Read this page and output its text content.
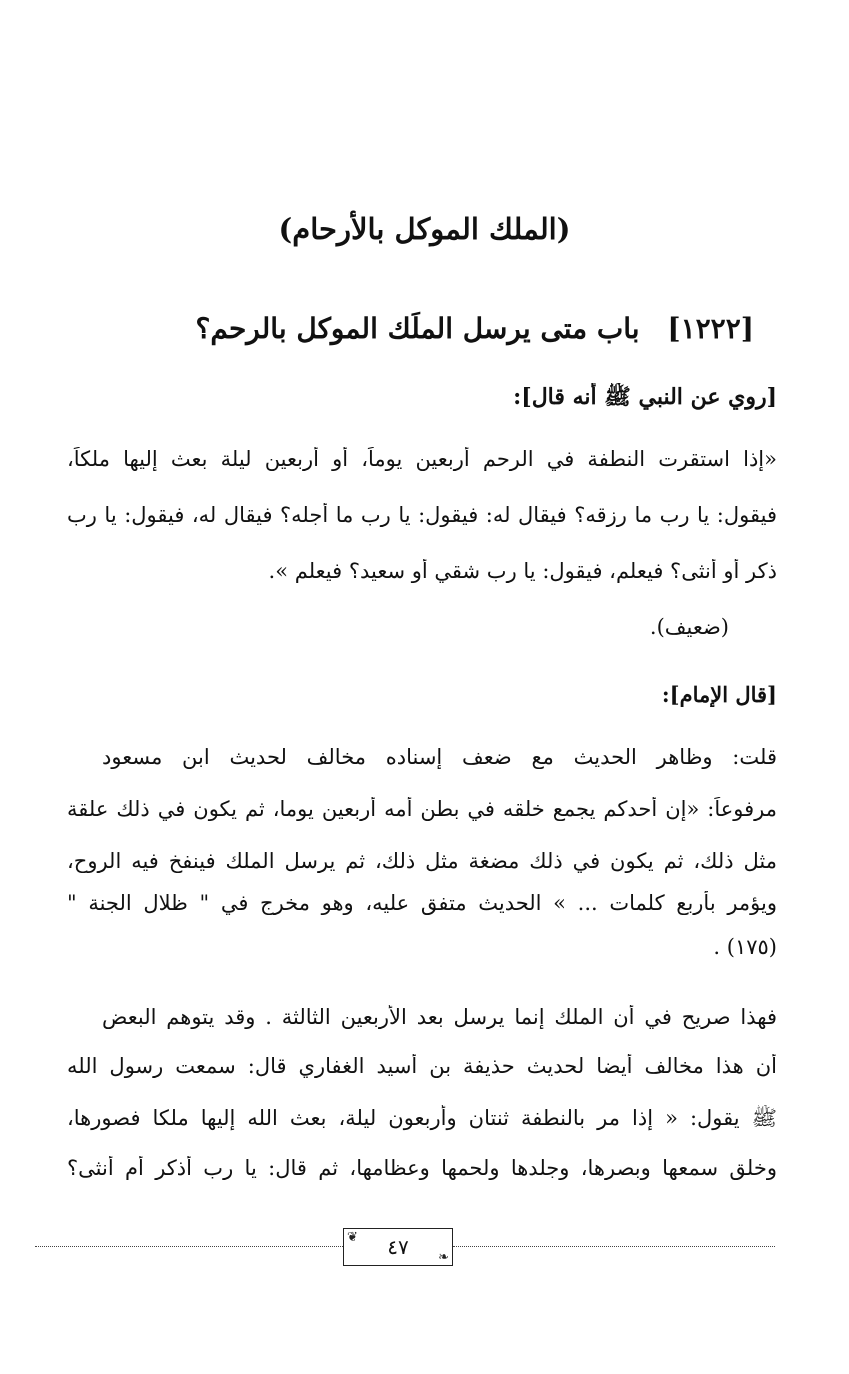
(الملك الموكل بالأرحام)
[١٢٢٢] باب متى يرسل الملَك الموكل بالرحم؟
[روي عن النبي ﷺ أنه قال]:
«إذا استقرت النطفة في الرحم أربعين يوماً، أو أربعين ليلة بعث إليها ملكاً،
فيقول: يا رب ما رزقه؟ فيقال له: فيقول: يا رب ما أجله؟ فيقال له، فيقول: يا رب
ذكر أو أنثى؟ فيعلم، فيقول: يا رب شقي أو سعيد؟ فيعلم ».
(ضعيف).
[قال الإمام]:
قلت: وظاهر الحديث مع ضعف إسناده مخالف لحديث ابن مسعود
مرفوعاً: «إن أحدكم يجمع خلقه في بطن أمه أربعين يوما، ثم يكون في ذلك علقة
مثل ذلك، ثم يكون في ذلك مضغة مثل ذلك، ثم يرسل الملك فينفخ فيه الروح،
ويؤمر بأربع كلمات ... » الحديث متفق عليه، وهو مخرج في " ظلال الجنة "
. (١٧٥)
فهذا صريح في أن الملك إنما يرسل بعد الأربعين الثالثة . وقد يتوهم البعض
أن هذا مخالف أيضا لحديث حذيفة بن أسيد الغفاري قال: سمعت رسول الله
ﷺ يقول: « إذا مر بالنطفة ثنتان وأربعون ليلة، بعث الله إليها ملكا فصورها،
وخلق سمعها وبصرها، وجلدها ولحمها وعظامها، ثم قال: يا رب أذكر أم أنثى؟
❦
❧
٤٧
